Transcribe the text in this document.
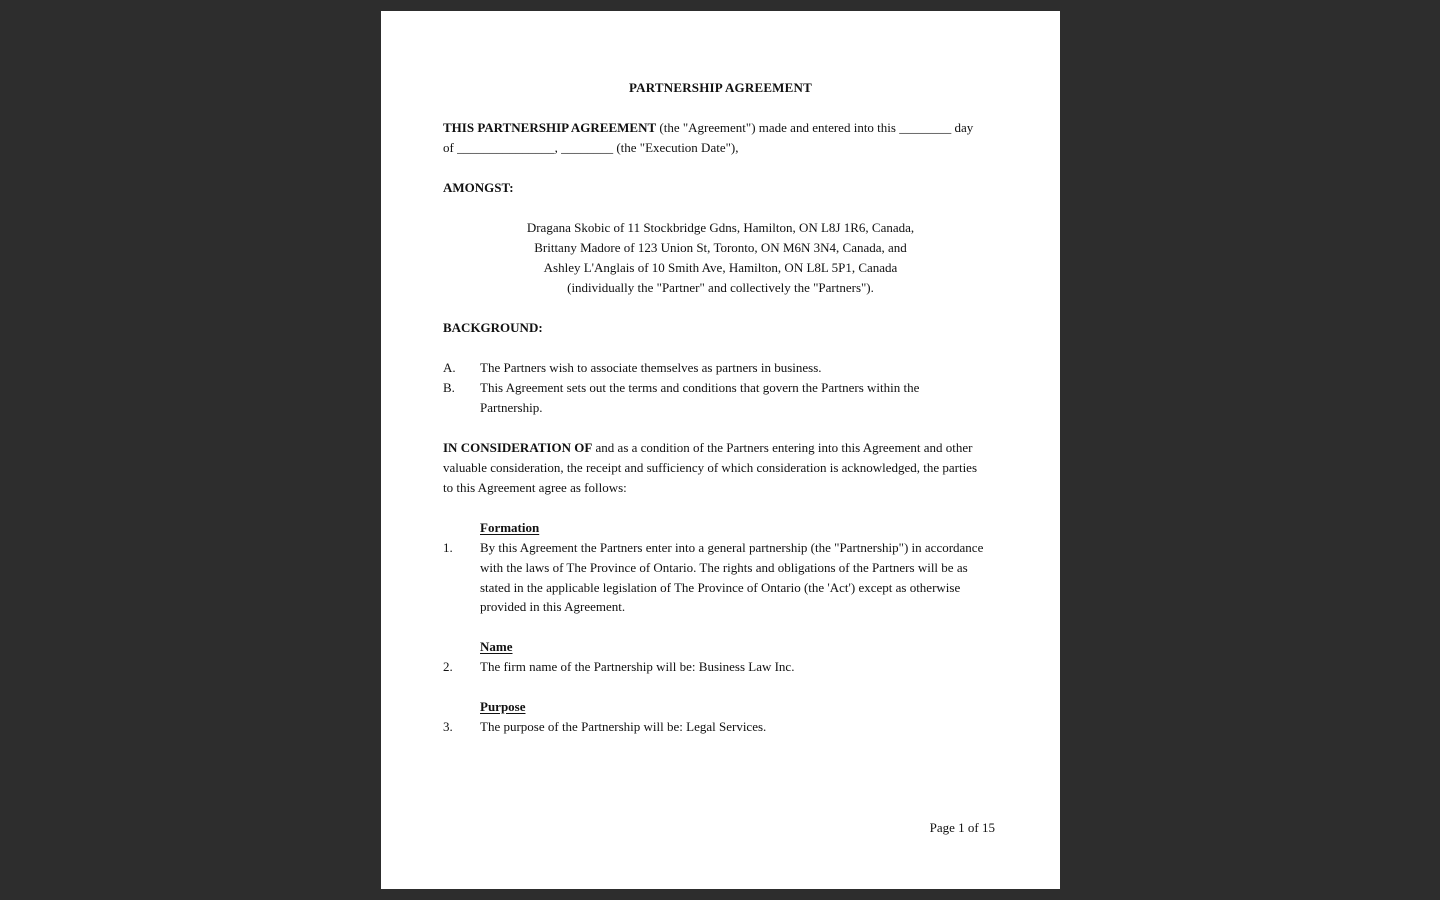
PARTNERSHIP AGREEMENT
THIS PARTNERSHIP AGREEMENT (the "Agreement") made and entered into this ________ day
of _______________, ________ (the "Execution Date"),
AMONGST:
Dragana Skobic of 11 Stockbridge Gdns, Hamilton, ON L8J 1R6, Canada,
Brittany Madore of 123 Union St, Toronto, ON M6N 3N4, Canada, and
Ashley L'Anglais of 10 Smith Ave, Hamilton, ON L8L 5P1, Canada
(individually the "Partner" and collectively the "Partners").
BACKGROUND:
A. The Partners wish to associate themselves as partners in business.
B. This Agreement sets out the terms and conditions that govern the Partners within the
Partnership.
IN CONSIDERATION OF and as a condition of the Partners entering into this Agreement and other
valuable consideration, the receipt and sufficiency of which consideration is acknowledged, the parties
to this Agreement agree as follows:
Formation
1. By this Agreement the Partners enter into a general partnership (the "Partnership") in accordance
with the laws of The Province of Ontario. The rights and obligations of the Partners will be as
stated in the applicable legislation of The Province of Ontario (the 'Act') except as otherwise
provided in this Agreement.
Name
2. The firm name of the Partnership will be: Business Law Inc.
Purpose
3. The purpose of the Partnership will be: Legal Services.
Page 1 of 15
